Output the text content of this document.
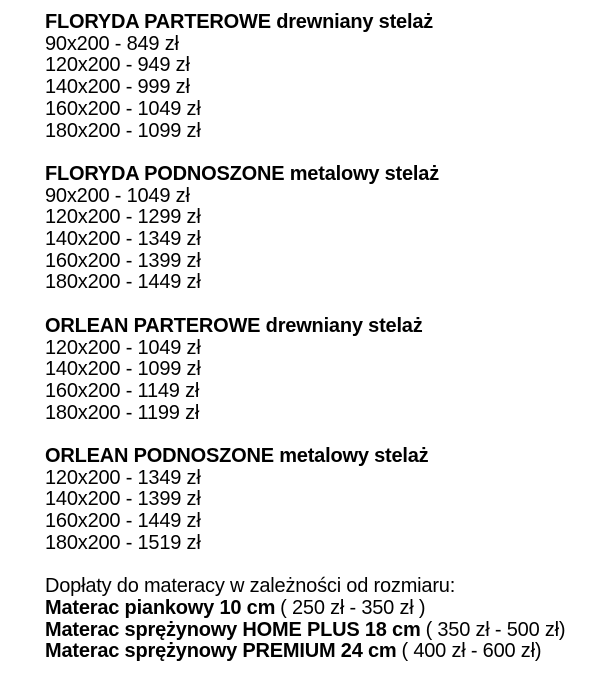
FLORYDA PARTEROWE drewniany stelaż
90x200 - 849 zł
120x200 - 949 zł
140x200 - 999 zł
160x200 - 1049 zł
180x200 - 1099 zł
FLORYDA PODNOSZONE metalowy stelaż
90x200 - 1049 zł
120x200 - 1299 zł
140x200 - 1349 zł
160x200 - 1399 zł
180x200 - 1449 zł
ORLEAN PARTEROWE drewniany stelaż
120x200 - 1049 zł
140x200 - 1099 zł
160x200 - 1149 zł
180x200 - 1199 zł
ORLEAN PODNOSZONE metalowy stelaż
120x200 - 1349 zł
140x200 - 1399 zł
160x200 - 1449 zł
180x200 - 1519 zł
Dopłaty do materacy w zależności od rozmiaru:
Materac piankowy 10 cm ( 250 zł - 350 zł )
Materac sprężynowy HOME PLUS 18 cm ( 350 zł - 500 zł)
Materac sprężynowy PREMIUM 24 cm ( 400 zł - 600 zł)
